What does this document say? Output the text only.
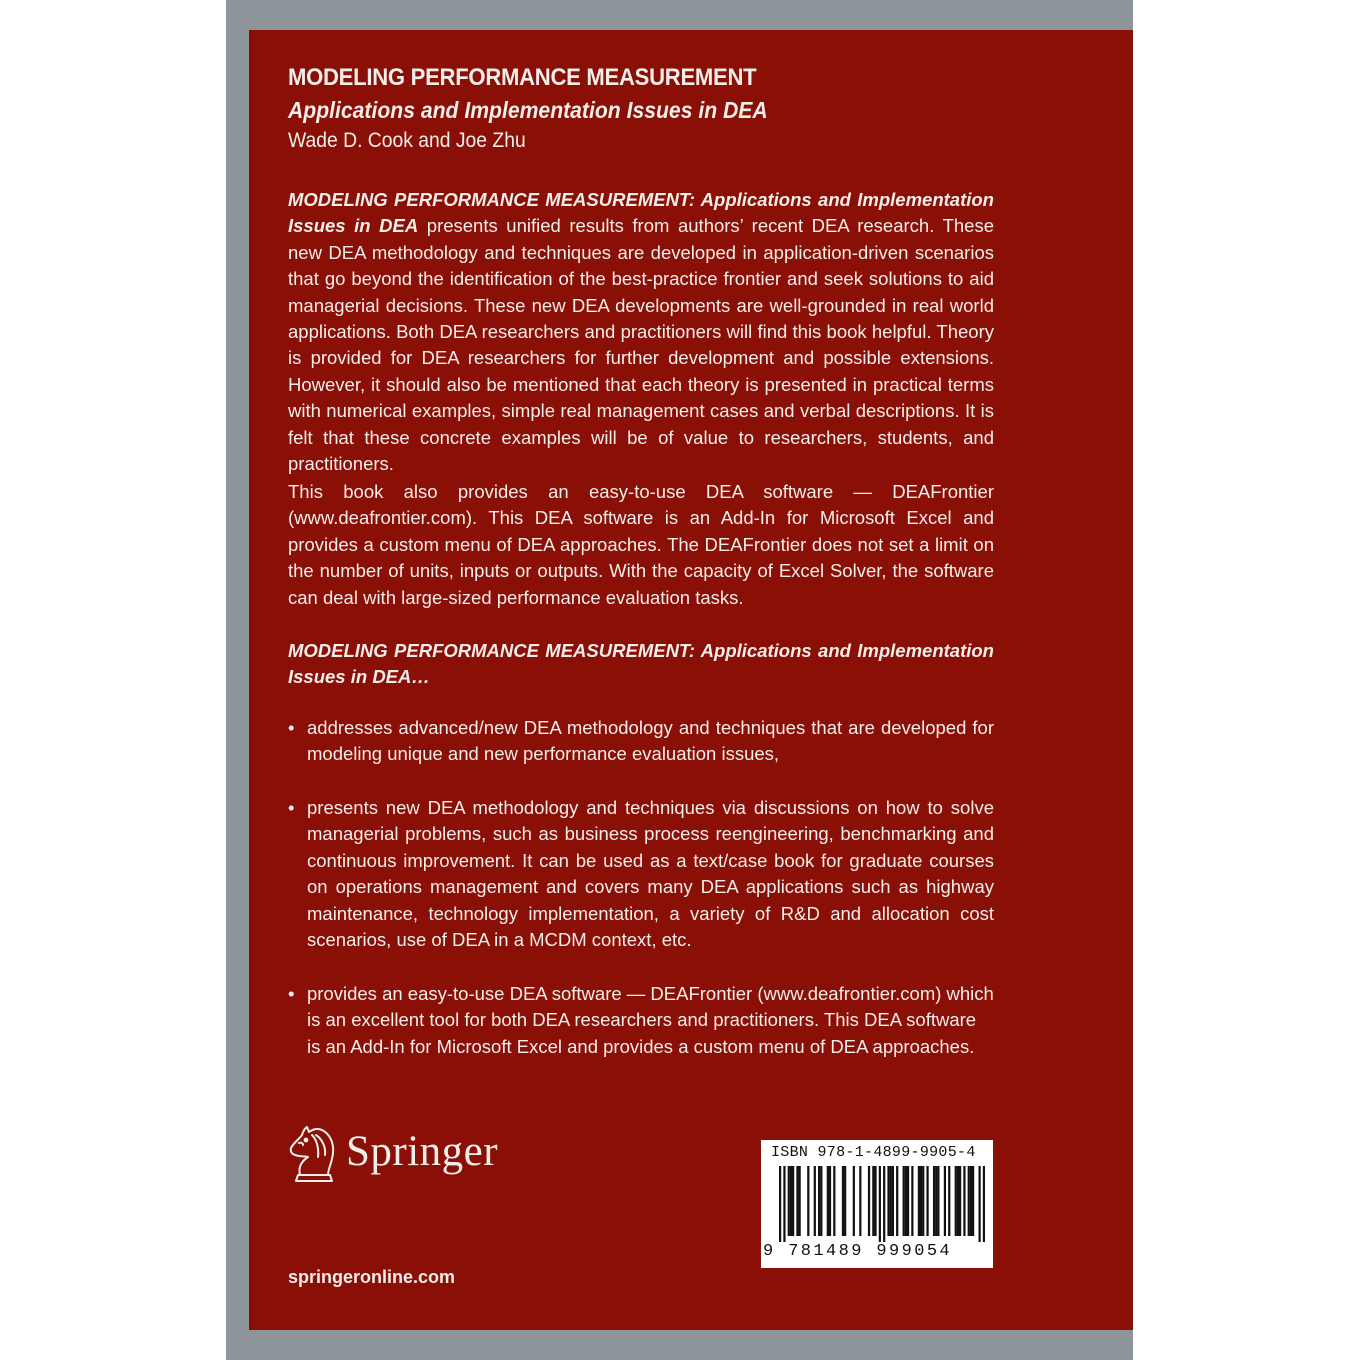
MODELING PERFORMANCE MEASUREMENT
Applications and Implementation Issues in DEA
Wade D. Cook and Joe Zhu
MODELING PERFORMANCE MEASUREMENT: Applications and Implementation Issues in DEA presents unified results from authors’ recent DEA research. These new DEA methodology and techniques are developed in application-driven scenarios that go beyond the identification of the best-practice frontier and seek solutions to aid managerial decisions. These new DEA developments are well-grounded in real world applications. Both DEA researchers and practitioners will find this book helpful. Theory is provided for DEA researchers for further development and possible extensions. However, it should also be mentioned that each theory is presented in practical terms with numerical examples, simple real management cases and verbal descriptions. It is felt that these concrete examples will be of value to researchers, students, and practitioners.
This book also provides an easy-to-use DEA software — DEAFrontier (www.deafrontier.com). This DEA software is an Add-In for Microsoft Excel and provides a custom menu of DEA approaches. The DEAFrontier does not set a limit on the number of units, inputs or outputs. With the capacity of Excel Solver, the software can deal with large-sized performance evaluation tasks.
MODELING PERFORMANCE MEASUREMENT: Applications and Implementation Issues in DEA…
• addresses advanced/new DEA methodology and techniques that are developed for modeling unique and new performance evaluation issues,
• presents new DEA methodology and techniques via discussions on how to solve managerial problems, such as business process reengineering, benchmarking and continuous improvement. It can be used as a text/case book for graduate courses on operations management and covers many DEA applications such as highway maintenance, technology implementation, a variety of R&D and allocation cost scenarios, use of DEA in a MCDM context, etc.
• provides an easy-to-use DEA software — DEAFrontier (www.deafrontier.com) which is an excellent tool for both DEA researchers and practitioners. This DEA software is an Add-In for Microsoft Excel and provides a custom menu of DEA approaches.
Springer
springeronline.com
ISBN 978-1-4899-9905-4
9 781489 999054
